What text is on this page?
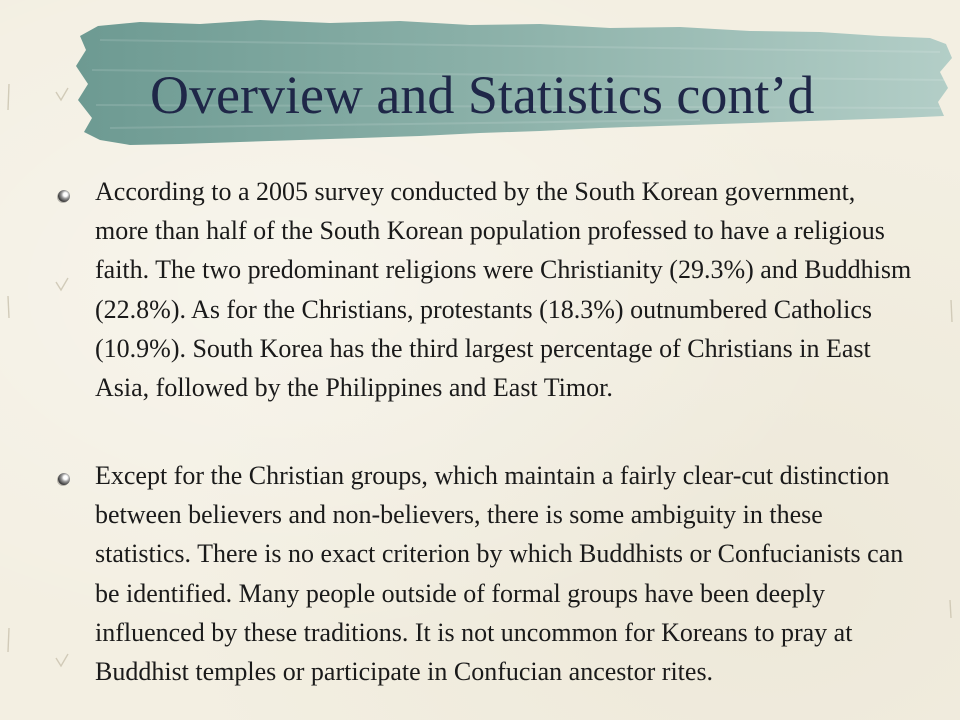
Overview and Statistics cont’d
According to a 2005 survey conducted by the South Korean government,
more than half of the South Korean population professed to have a religious
faith. The two predominant religions were Christianity (29.3%) and Buddhism
(22.8%). As for the Christians, protestants (18.3%) outnumbered Catholics
(10.9%). South Korea has the third largest percentage of Christians in East
Asia, followed by the Philippines and East Timor.
Except for the Christian groups, which maintain a fairly clear-cut distinction
between believers and non-believers, there is some ambiguity in these
statistics. There is no exact criterion by which Buddhists or Confucianists can
be identified. Many people outside of formal groups have been deeply
influenced by these traditions. It is not uncommon for Koreans to pray at
Buddhist temples or participate in Confucian ancestor rites.
